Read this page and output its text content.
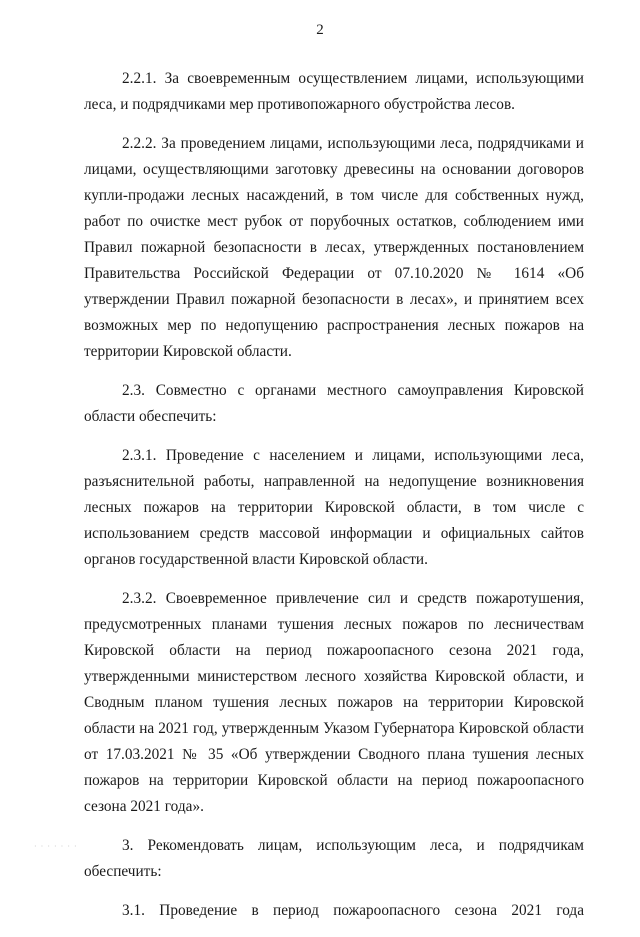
2

2.2.1. За своевременным осуществлением лицами, использующими леса, и подрядчиками мер противопожарного обустройства лесов.

2.2.2. За проведением лицами, использующими леса, подрядчиками и лицами, осуществляющими заготовку древесины на основании договоров купли-продажи лесных насаждений, в том числе для собственных нужд, работ по очистке мест рубок от порубочных остатков, соблюдением ими Правил пожарной безопасности в лесах, утвержденных постановлением Правительства Российской Федерации от 07.10.2020 № 1614 «Об утверждении Правил пожарной безопасности в лесах», и принятием всех возможных мер по недопущению распространения лесных пожаров на территории Кировской области.

2.3. Совместно с органами местного самоуправления Кировской области обеспечить:

2.3.1. Проведение с населением и лицами, использующими леса, разъяснительной работы, направленной на недопущение возникновения лесных пожаров на территории Кировской области, в том числе с использованием средств массовой информации и официальных сайтов органов государственной власти Кировской области.

2.3.2. Своевременное привлечение сил и средств пожаротушения, предусмотренных планами тушения лесных пожаров по лесничествам Кировской области на период пожароопасного сезона 2021 года, утвержденными министерством лесного хозяйства Кировской области, и Сводным планом тушения лесных пожаров на территории Кировской области на 2021 год, утвержденным Указом Губернатора Кировской области от 17.03.2021 № 35 «Об утверждении Сводного плана тушения лесных пожаров на территории Кировской области на период пожароопасного сезона 2021 года».

3. Рекомендовать лицам, использующим леса, и подрядчикам обеспечить:

3.1. Проведение в период пожароопасного сезона 2021 года

· · · · · · ·
